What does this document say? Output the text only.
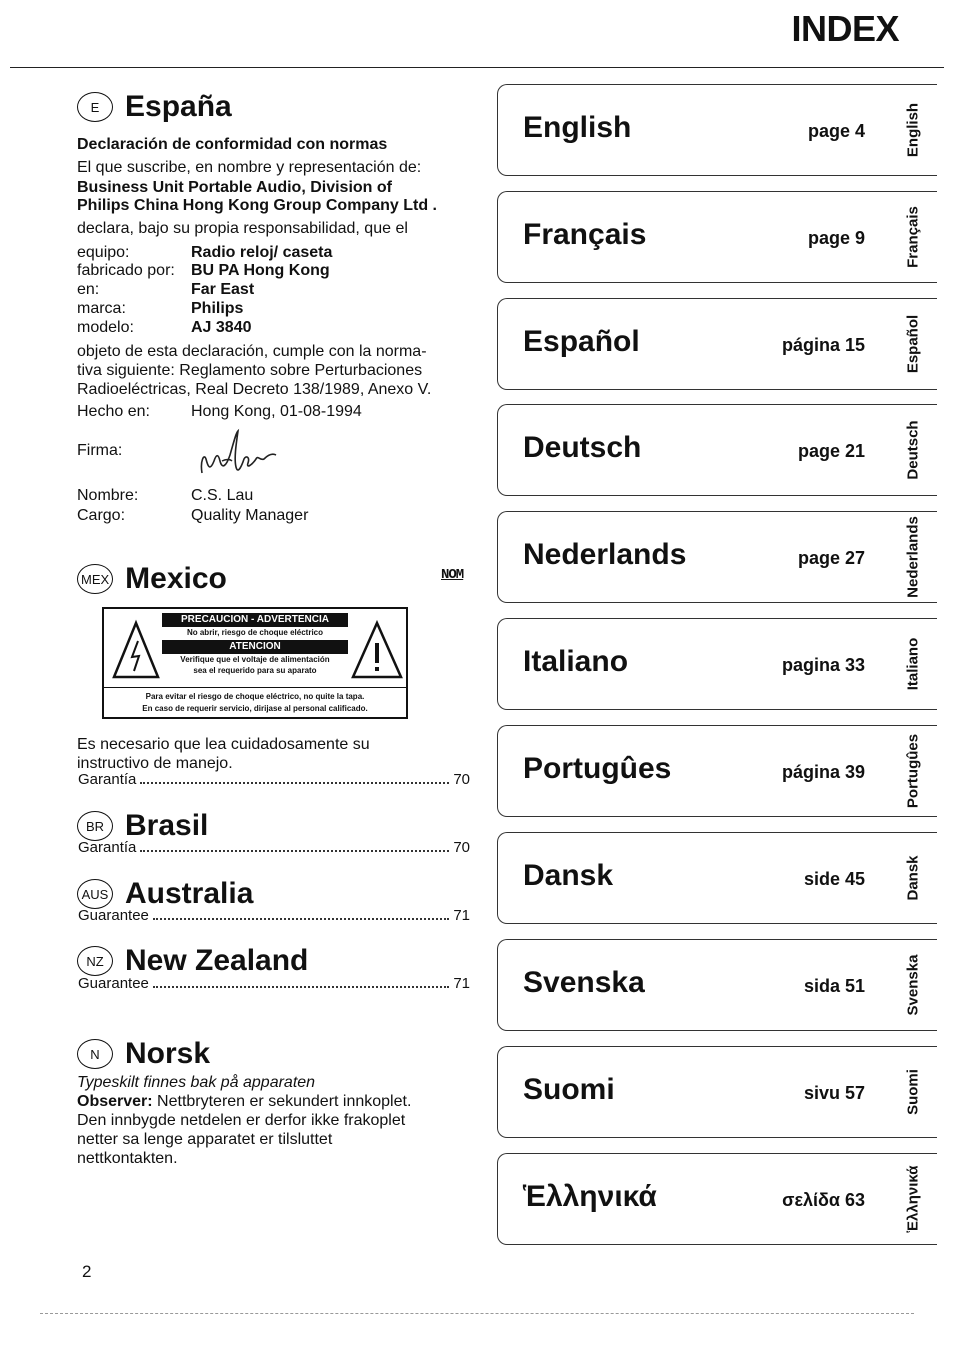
INDEX
E España
Declaración de conformidad con normas
El que suscribe, en nombre y representación de:
Business Unit Portable Audio, Division of
Philips China Hong Kong Group Company Ltd .
declara, bajo su propia responsabilidad, que el
equipo:	Radio reloj/ caseta
fabricado por: BU PA Hong Kong
en:	Far East
marca:	Philips
modelo:	AJ 3840
objeto de esta declaración, cumple con la norma-
tiva siguiente: Reglamento sobre Perturbaciones
Radioeléctricas, Real Decreto 138/1989, Anexo V.
Hecho en:	Hong Kong, 01-08-1994
Firma:
Nombre:	C.S. Lau
Cargo:	Quality Manager
MEX Mexico	NOM
PRECAUCION - ADVERTENCIA
No abrir, riesgo de choque eléctrico
ATENCION
Verifique que el voltaje de alimentación
sea el requerido para su aparato
Para evitar el riesgo de choque eléctrico, no quite la tapa.
En caso de requerir servicio, dirijase al personal calificado.
Es necesario que lea cuidadosamente su
instructivo de manejo.
Garantía	70
BR Brasil
Garantía	70
AUS Australia
Guarantee	71
NZ New Zealand
Guarantee	71
N Norsk
Typeskilt finnes bak på apparaten
Observer: Nettbryteren er sekundert innkoplet.
Den innbygde netdelen er derfor ikke frakoplet
netter sa lenge apparatet er tilsluttet
nettkontakten.
English	page 4	English
Français	page 9	Français
Español	página 15	Español
Deutsch	page 21	Deutsch
Nederlands	page 27	Nederlands
Italiano	pagina 33	Italiano
Portugûes	página 39	Portugûes
Dansk	side 45	Dansk
Svenska	sida 51	Svenska
Suomi	sivu 57	Suomi
Ἑλληνικά	σελίδα 63	Ἑλληνικά
2
